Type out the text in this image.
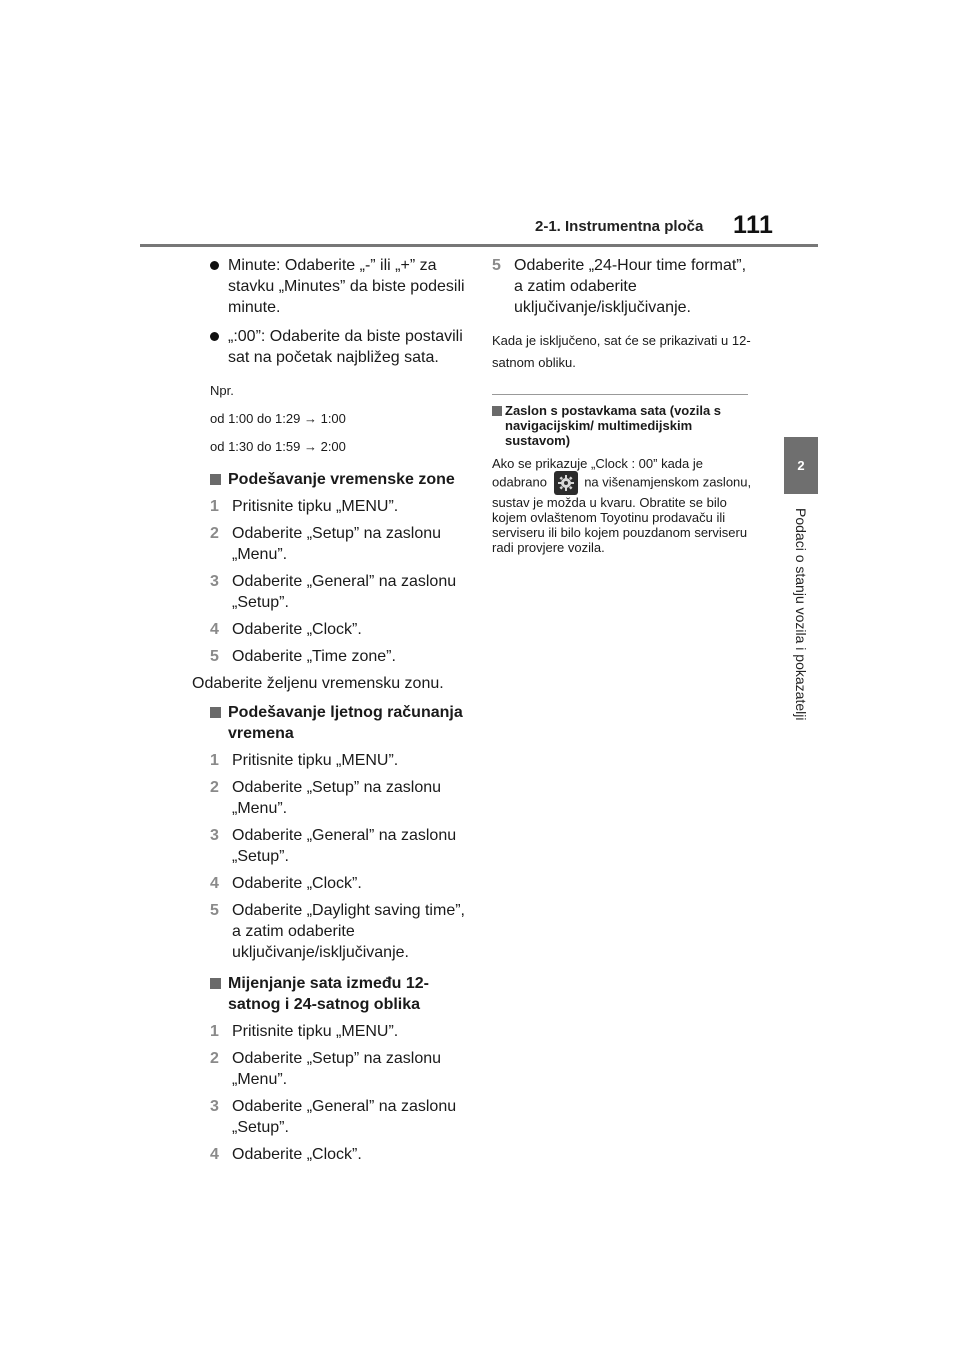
2-1. Instrumentna ploča 111
2
Podaci o stanju vozila i pokazatelji
Minute: Odaberite „-” ili „+” za stavku „Minutes” da biste podesili minute.
„:00”: Odaberite da biste postavili sat na početak najbližeg sata.
Npr.
od 1:00 do 1:29 → 1:00
od 1:30 do 1:59 → 2:00
Podešavanje vremenske zone
1 Pritisnite tipku „MENU”.
2 Odaberite „Setup” na zaslonu „Menu”.
3 Odaberite „General” na zaslonu „Setup”.
4 Odaberite „Clock”.
5 Odaberite „Time zone”.
Odaberite željenu vremensku zonu.
Podešavanje ljetnog računanja vremena
1 Pritisnite tipku „MENU”.
2 Odaberite „Setup” na zaslonu „Menu”.
3 Odaberite „General” na zaslonu „Setup”.
4 Odaberite „Clock”.
5 Odaberite „Daylight saving time”, a zatim odaberite uključivanje/isključivanje.
Mijenjanje sata između 12-satnog i 24-satnog oblika
1 Pritisnite tipku „MENU”.
2 Odaberite „Setup” na zaslonu „Menu”.
3 Odaberite „General” na zaslonu „Setup”.
4 Odaberite „Clock”.
5 Odaberite „24-Hour time format”, a zatim odaberite uključivanje/isključivanje.
Kada je isključeno, sat će se prikazivati u 12-satnom obliku.
Zaslon s postavkama sata (vozila s navigacijskim/ multimedijskim sustavom)
Ako se prikazuje „Clock : 00” kada je odabrano	na višenamjenskom zaslonu, sustav je možda u kvaru. Obratite se bilo kojem ovlaštenom Toyotinu prodavaču ili serviseru ili bilo kojem pouzdanom serviseru radi provjere vozila.
